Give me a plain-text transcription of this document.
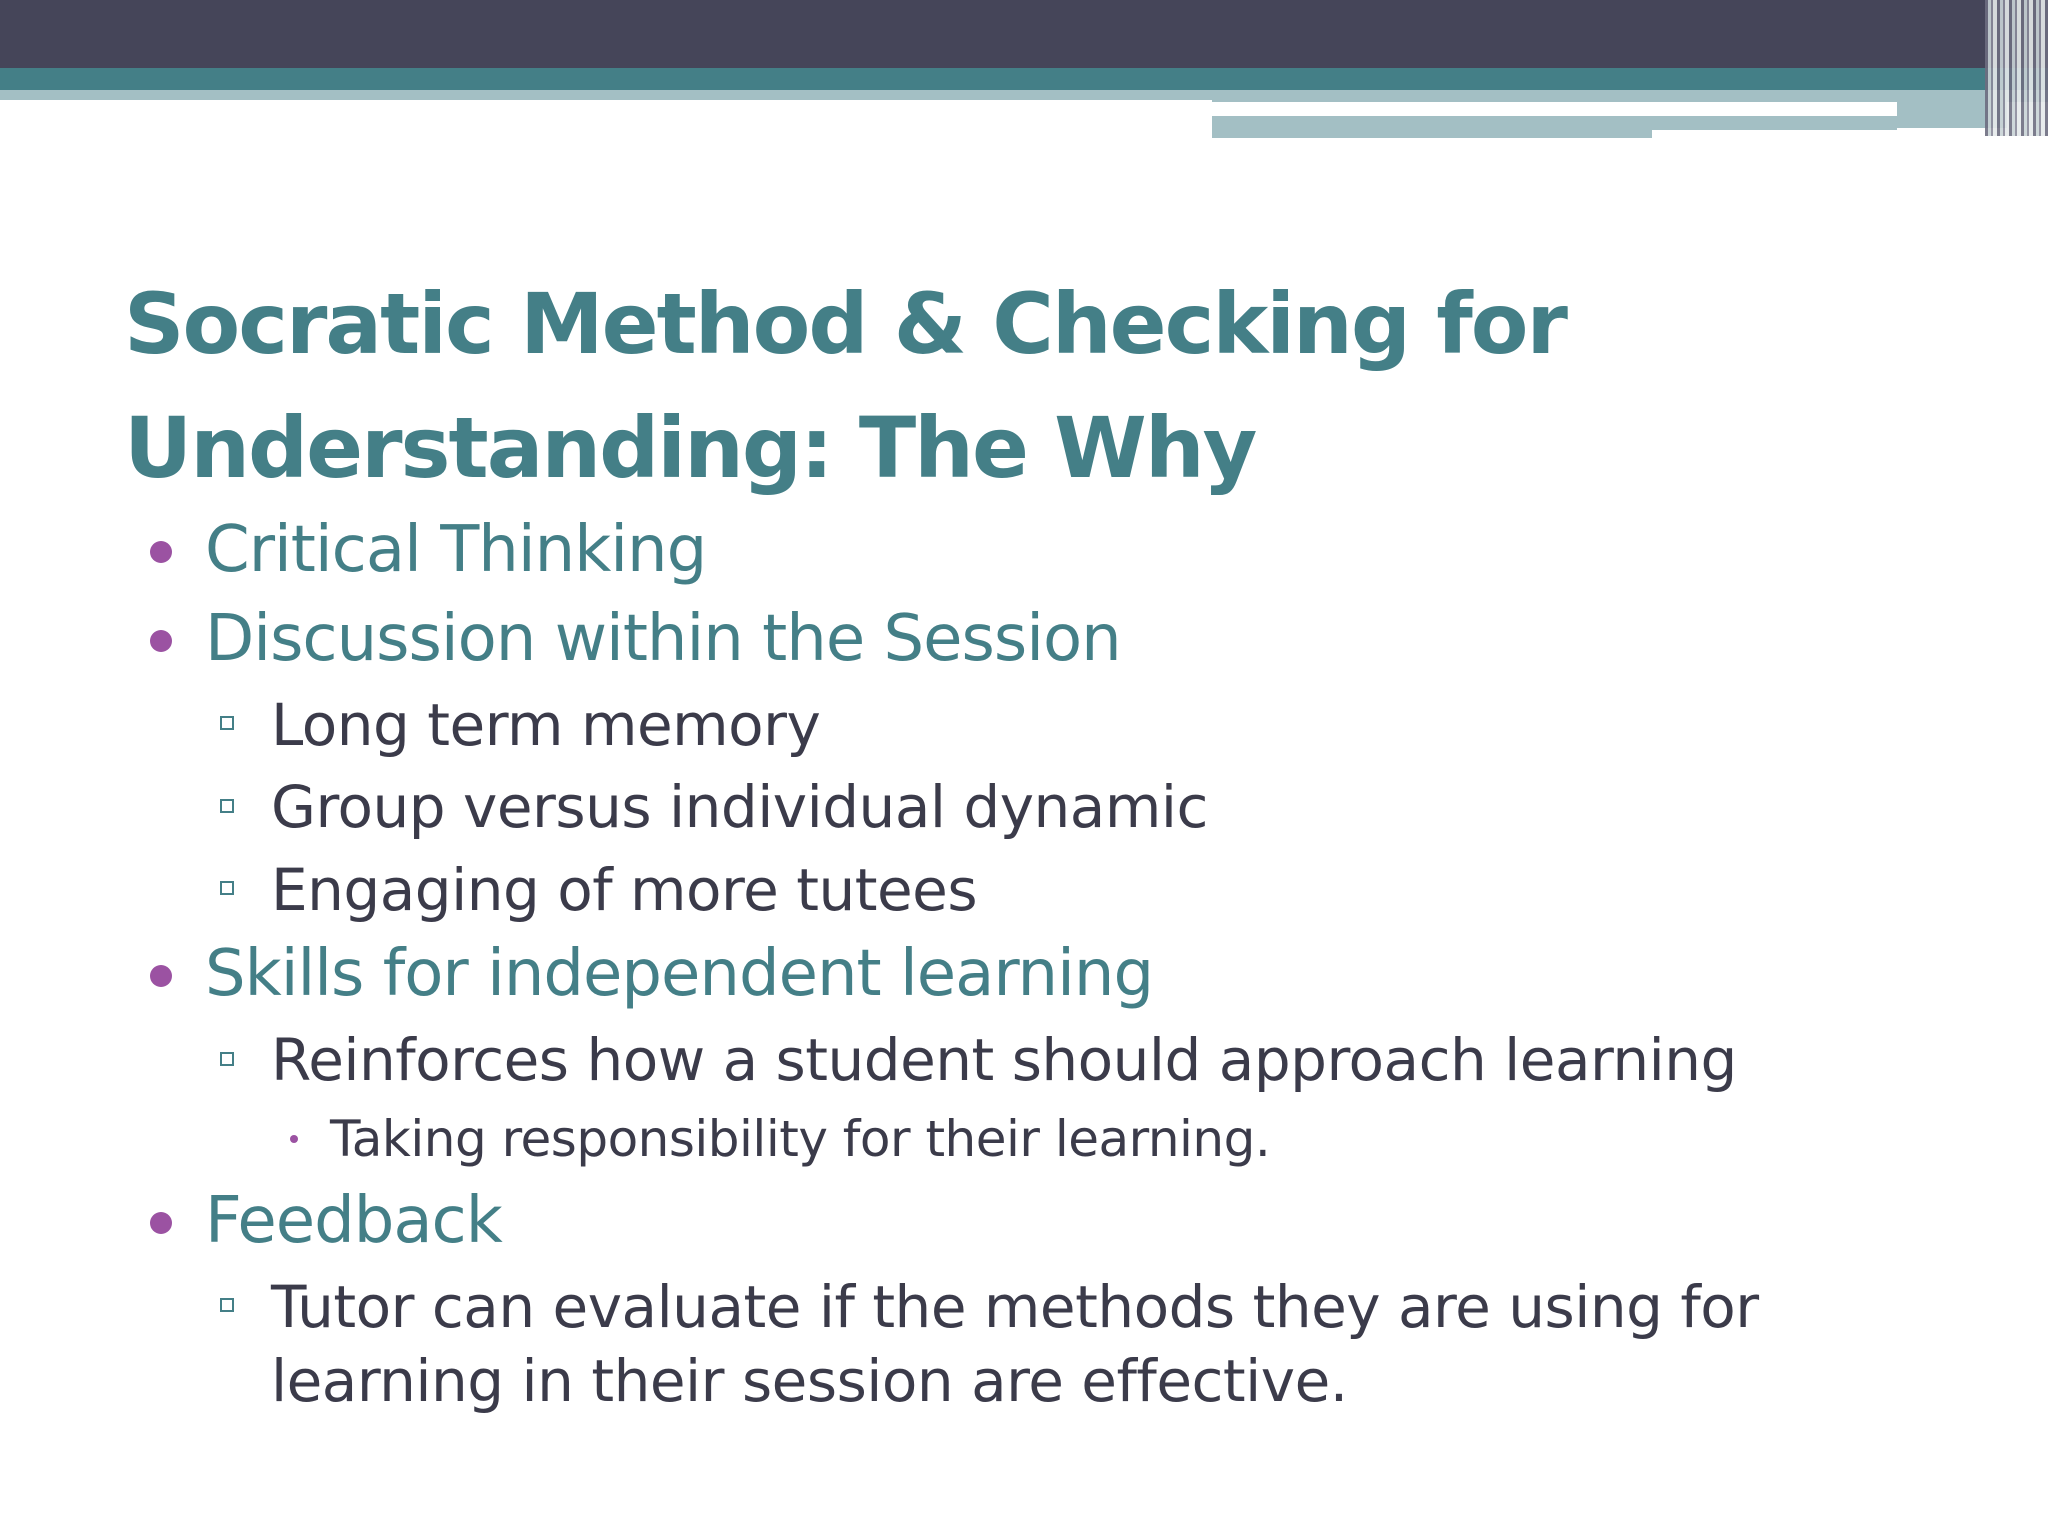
Socratic Method & Checking for
Understanding: The Why
Critical Thinking
Discussion within the Session
Long term memory
Group versus individual dynamic
Engaging of more tutees
Skills for independent learning
Reinforces how a student should approach learning
Taking responsibility for their learning.
Feedback
Tutor can evaluate if the methods they are using for
learning in their session are effective.
